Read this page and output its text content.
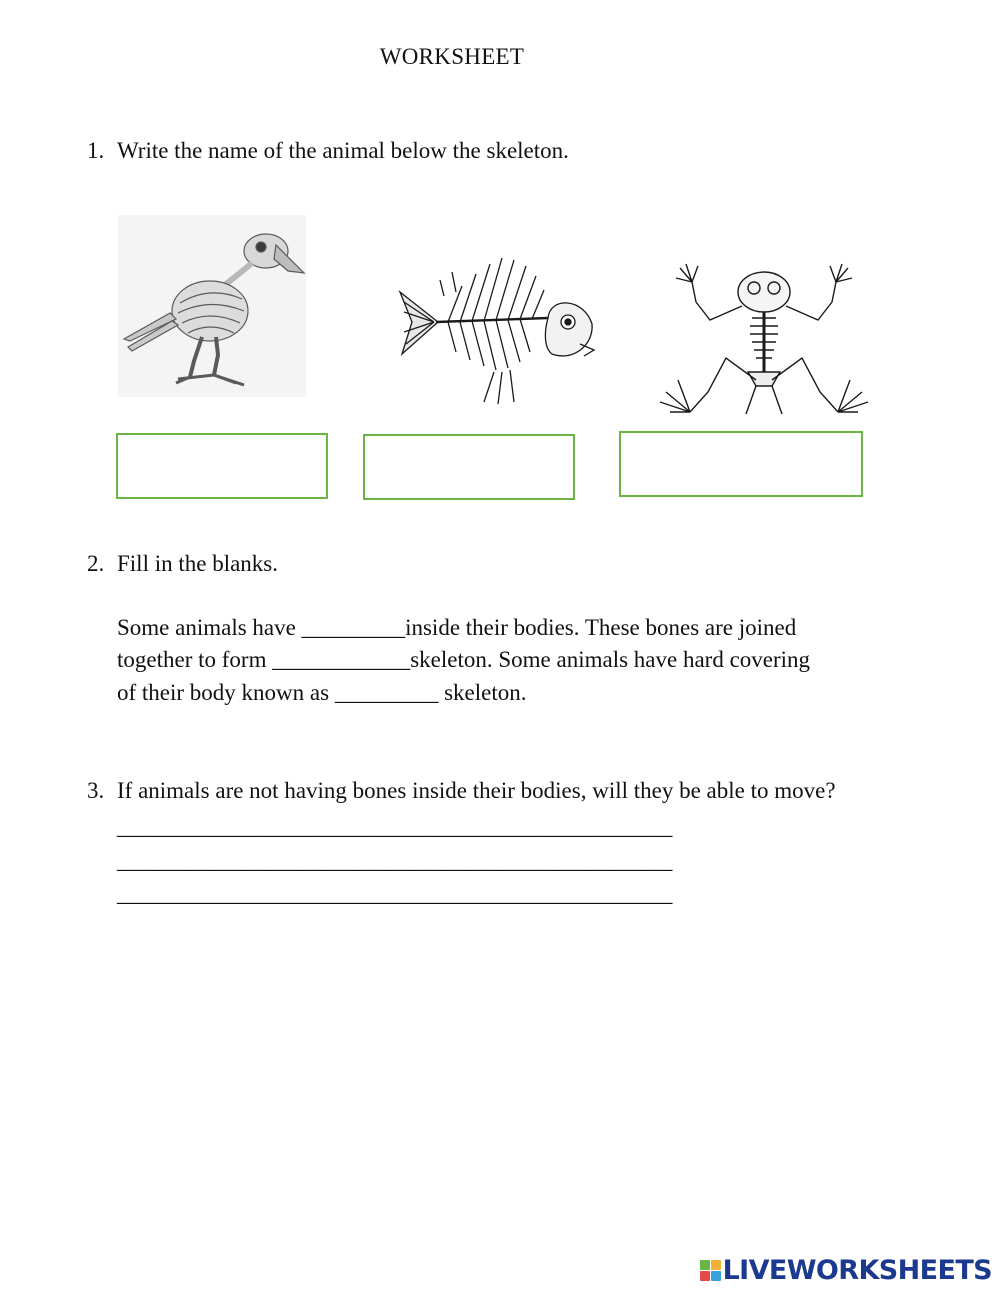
WORKSHEET
1. Write the name of the animal below the skeleton.
2. Fill in the blanks.
Some animals have _________inside their bodies. These bones are joined
together to form ____________skeleton. Some animals have hard covering
of their body known as _________ skeleton.
3. If animals are not having bones inside their bodies, will they be able to move?
__________________________________________________
__________________________________________________
__________________________________________________
LIVEWORKSHEETS
